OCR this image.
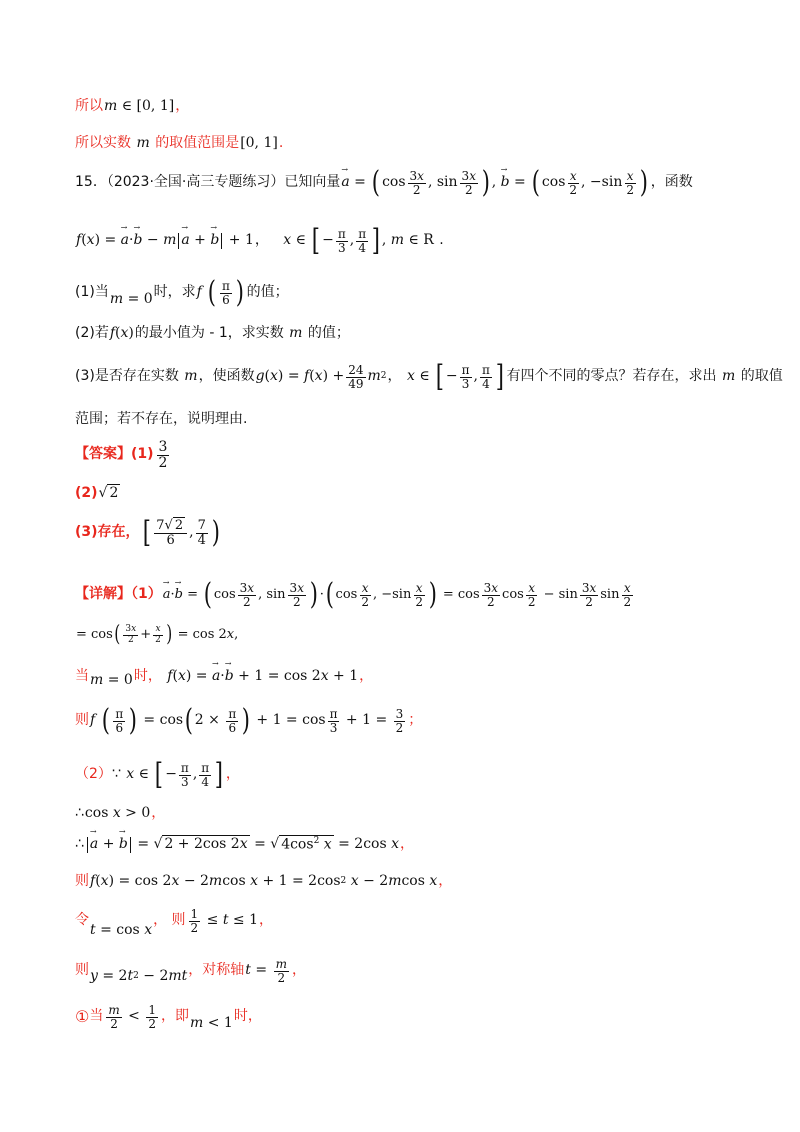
所以 m ∈ [0, 1] ，
所以实数 m 的取值范围是 [0, 1] .
15．（2023·全国·高三专题练习）已知向量 → a = ( $\cos \frac{3x}{2}$ , $\sin \frac{3x}{2}$ ) , → b = ( $\cos \frac{x}{2}$ , $-\sin \frac{x}{2}$ ) ，函数
f ( x ) = → a · → b − m → a + → b + 1 ， x ∈ [ − $\frac{\pi}{3}$ , $\frac{\pi}{4}$ ] , m ∈ R .
(1) 当 m = 0 时，求 f
( $\frac{\pi}{6}$ ) 的值；
(2) 若 f ( x ) 的最小值为 - 1，求实数 m 的值；
(3) 是否存在实数 m ，使函数 g ( x ) = f ( x ) + $\frac{24}{49}$ m 2 ， x ∈ [ − $\frac{\pi}{3}$ , $\frac{\pi}{4}$ ] 有四个不同的零点？若存在，求出 m 的取值
范围；若不存在，说明理由.
【答案】 $(1) \frac{3}{2}$
(2) √ 2
(3)存在， [ $\frac{7√ 2}{6}$ , $\frac{7}{4}$ )
【详解】（1） → a · → b = ( $\cos \frac{3x}{2}$ , $\sin \frac{3x}{2}$ ) · ( $\cos \frac{x}{2}$ , $-\sin \frac{x}{2}$ ) = $\cos \frac{3x}{2}$ $\cos \frac{x}{2} - \sin \frac{3x}{2}$ $\sin \frac{x}{2}$
= cos ( $\frac{3x}{2} + \frac{x}{2}$ ) = cos 2 x ,
当 m = 0 时， f ( x ) = → a · → b + 1 = cos 2 x + 1 ，
则 f
( $\frac{\pi}{6}$ ) = cos ( $2 \times \frac{\pi}{6}$ ) + $1 = \cos \frac{\pi}{3} + 1 = \frac{3}{2}$ ；
（2） ∵
x ∈ [ − $\frac{\pi}{3}$ , $\frac{\pi}{4}$ ] ，
∴ cos x > 0 ，
∴ → a + → b = √ 2 + 2cos 2x = √ $4\cos^2$ x = 2cos x ，
则 f ( x ) = cos 2 x − 2 m cos x + 1 = 2cos 2
x − 2 m cos x ，
令
t = cos x
， 则 $\frac{1}{2} \le t \le 1$ ，
则 y = 2 t 2 − 2 mt ，对称轴 $t = \frac{m}{2}$ ，
① 当 $\frac{m}{2} < \frac{1}{2}$ ，即 m < 1 时，
